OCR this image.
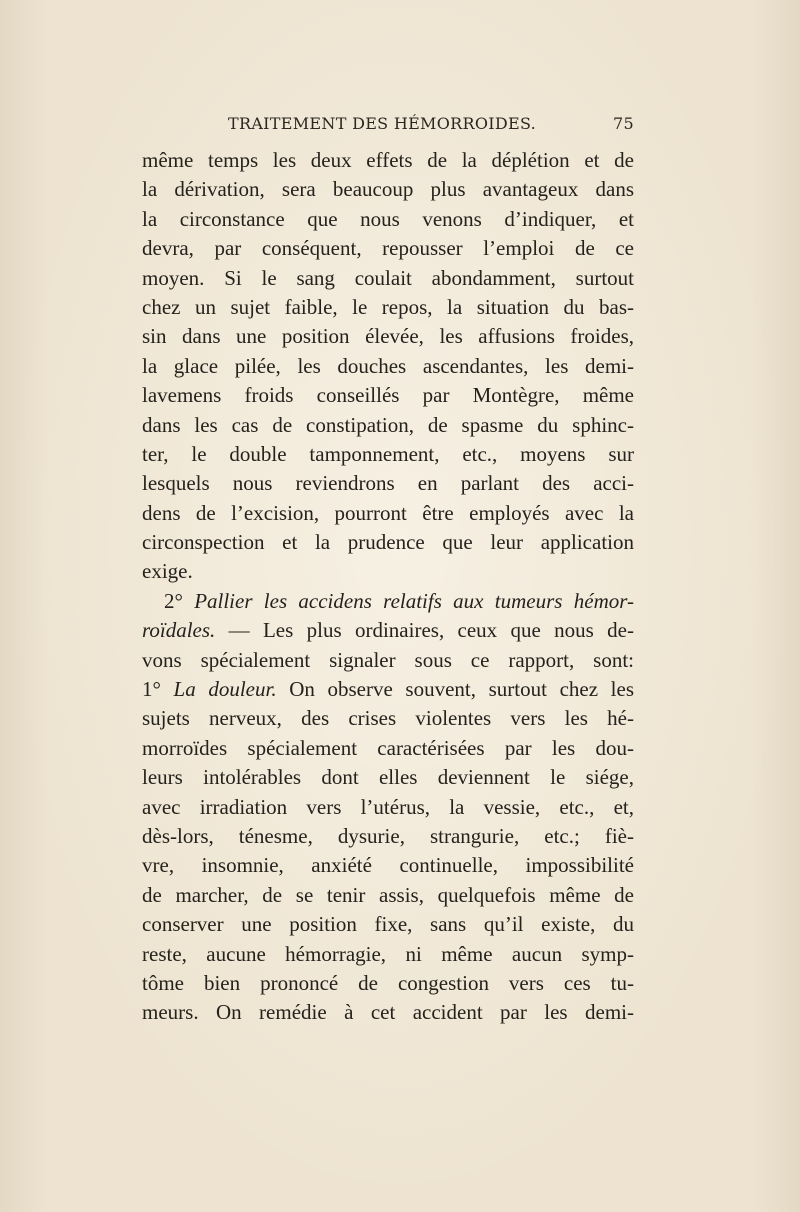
TRAITEMENT DES HÉMORROIDES.	75
même temps les deux effets de la déplétion et de
la dérivation, sera beaucoup plus avantageux dans
la circonstance que nous venons d’indiquer, et
devra, par conséquent, repousser l’emploi de ce
moyen. Si le sang coulait abondamment, surtout
chez un sujet faible, le repos, la situation du bas-
sin dans une position élevée, les affusions froides,
la glace pilée, les douches ascendantes, les demi-
lavemens froids conseillés par Montègre, même
dans les cas de constipation, de spasme du sphinc-
ter, le double tamponnement, etc., moyens sur
lesquels nous reviendrons en parlant des acci-
dens de l’excision, pourront être employés avec la
circonspection et la prudence que leur application
exige.
2° Pallier les accidens relatifs aux tumeurs hémor-
roïdales. — Les plus ordinaires, ceux que nous de-
vons spécialement signaler sous ce rapport, sont:
1° La douleur. On observe souvent, surtout chez les
sujets nerveux, des crises violentes vers les hé-
morroïdes spécialement caractérisées par les dou-
leurs intolérables dont elles deviennent le siége,
avec irradiation vers l’utérus, la vessie, etc., et,
dès-lors, ténesme, dysurie, strangurie, etc.; fiè-
vre, insomnie, anxiété continuelle, impossibilité
de marcher, de se tenir assis, quelquefois même de
conserver une position fixe, sans qu’il existe, du
reste, aucune hémorragie, ni même aucun symp-
tôme bien prononcé de congestion vers ces tu-
meurs. On remédie à cet accident par les demi-
